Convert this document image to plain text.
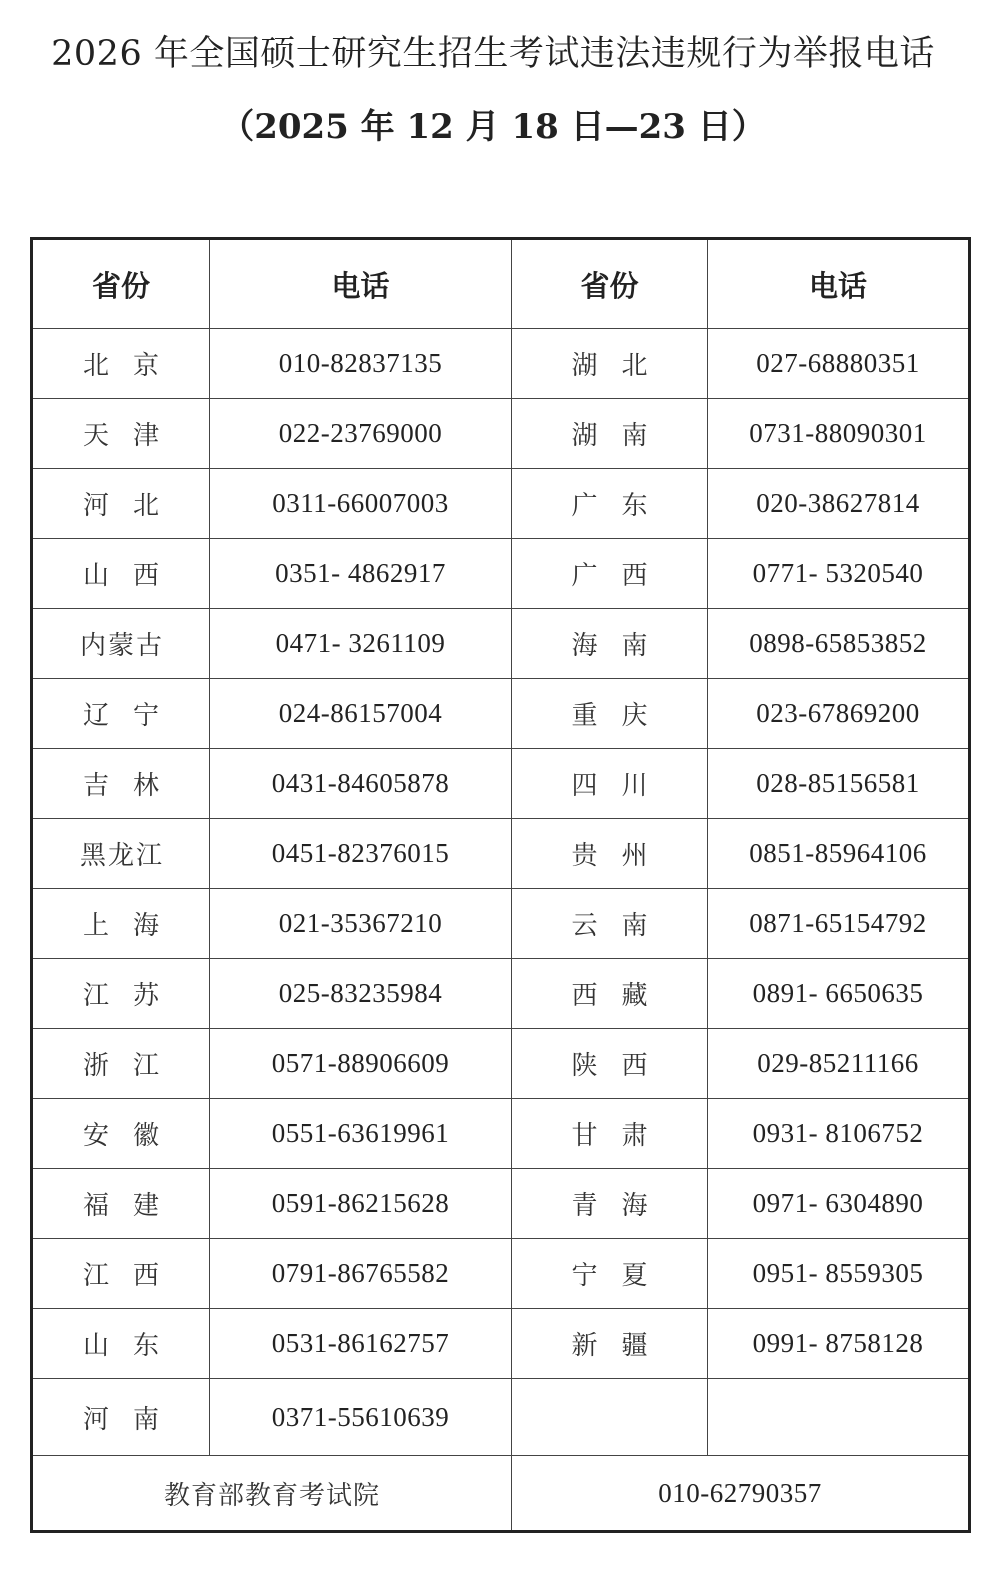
2026 年全国硕士研究生招生考试违法违规行为举报电话
（2025 年 12 月 18 日—23 日）
省份	电话	省份	电话
北京	010-82837135	湖北	027-68880351
天津	022-23769000	湖南	0731-88090301
河北	0311-66007003	广东	020-38627814
山西	0351- 4862917	广西	0771- 5320540
内蒙古	0471- 3261109	海南	0898-65853852
辽宁	024-86157004	重庆	023-67869200
吉林	0431-84605878	四川	028-85156581
黑龙江	0451-82376015	贵州	0851-85964106
上海	021-35367210	云南	0871-65154792
江苏	025-83235984	西藏	0891- 6650635
浙江	0571-88906609	陕西	029-85211166
安徽	0551-63619961	甘肃	0931- 8106752
福建	0591-86215628	青海	0971- 6304890
江西	0791-86765582	宁夏	0951- 8559305
山东	0531-86162757	新疆	0991- 8758128
河南	0371-55610639		
教育部教育考试院		010-62790357	
